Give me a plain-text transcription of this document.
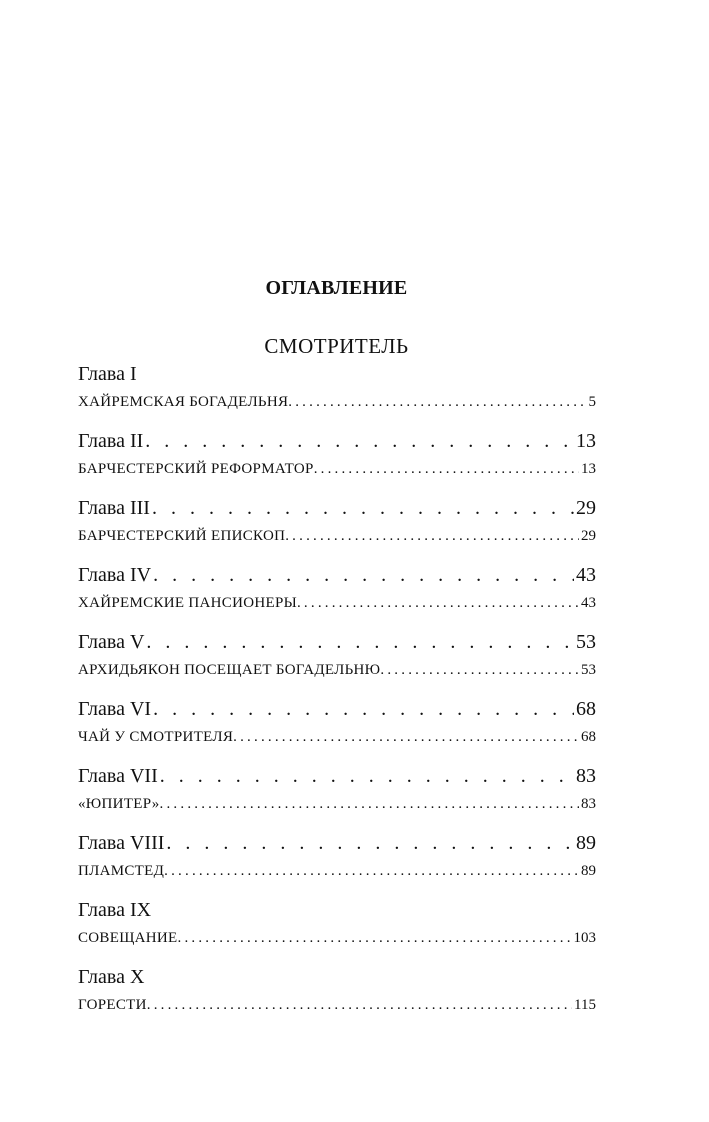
ОГЛАВЛЕНИЕ
СМОТРИТЕЛЬ
Глава I
ХАЙРЕМСКАЯ БОГАДЕЛЬНЯ .....	5
Глава II . . .	13
БАРЧЕСТЕРСКИЙ РЕФОРМАТОР .....	13
Глава III . . .	29
БАРЧЕСТЕРСКИЙ ЕПИСКОП .....	29
Глава IV . . .	43
ХАЙРЕМСКИЕ ПАНСИОНЕРЫ .....	43
Глава V . . .	53
АРХИДЬЯКОН ПОСЕЩАЕТ БОГАДЕЛЬНЮ .....	53
Глава VI . . .	68
ЧАЙ У СМОТРИТЕЛЯ .....	68
Глава VII . . .	83
«ЮПИТЕР» .....	83
Глава VIII . . .	89
ПЛАМСТЕД .....	89
Глава IX
СОВЕЩАНИЕ .....	103
Глава X
ГОРЕСТИ .....	115
